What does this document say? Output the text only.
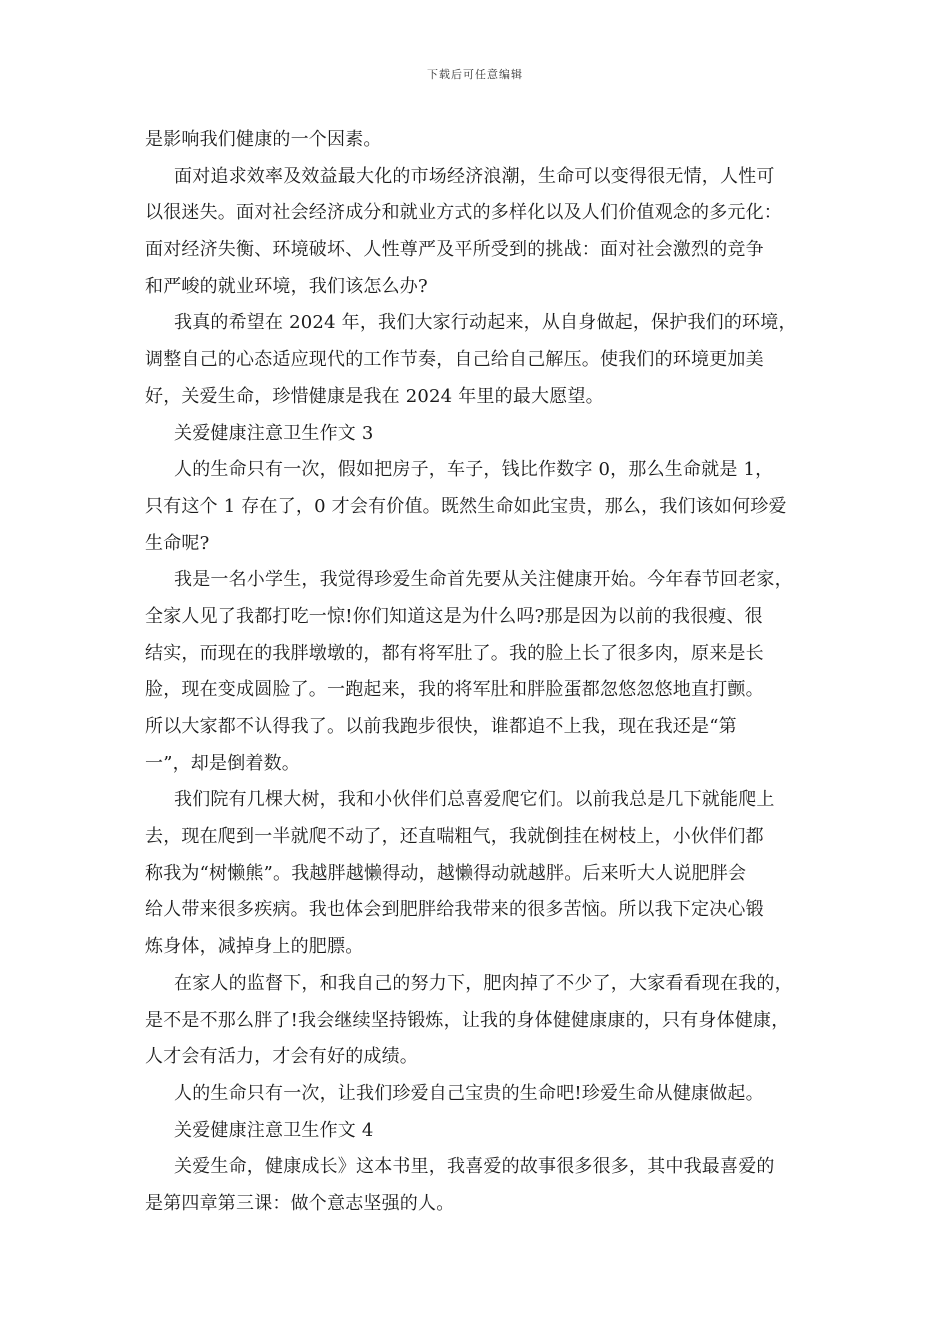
下载后可任意编辑
是影响我们健康的一个因素。
面对追求效率及效益最大化的市场经济浪潮，生命可以变得很无情，人性可
以很迷失。面对社会经济成分和就业方式的多样化以及人们价值观念的多元化：
面对经济失衡、环境破坏、人性尊严及平所受到的挑战：面对社会激烈的竞争
和严峻的就业环境，我们该怎么办?
我真的希望在 2024 年，我们大家行动起来，从自身做起，保护我们的环境，
调整自己的心态适应现代的工作节奏，自己给自己解压。使我们的环境更加美
好，关爱生命，珍惜健康是我在 2024 年里的最大愿望。
关爱健康注意卫生作文 3
人的生命只有一次，假如把房子，车子，钱比作数字 0，那么生命就是 1，
只有这个 1 存在了，0 才会有价值。既然生命如此宝贵，那么，我们该如何珍爱
生命呢?
我是一名小学生，我觉得珍爱生命首先要从关注健康开始。今年春节回老家，
全家人见了我都打吃一惊!你们知道这是为什么吗?那是因为以前的我很瘦、很
结实，而现在的我胖墩墩的，都有将军肚了。我的脸上长了很多肉，原来是长
脸，现在变成圆脸了。一跑起来，我的将军肚和胖脸蛋都忽悠忽悠地直打颤。
所以大家都不认得我了。以前我跑步很快，谁都追不上我，现在我还是“第
一”，却是倒着数。
我们院有几棵大树，我和小伙伴们总喜爱爬它们。以前我总是几下就能爬上
去，现在爬到一半就爬不动了，还直喘粗气，我就倒挂在树枝上，小伙伴们都
称我为“树懒熊”。我越胖越懒得动，越懒得动就越胖。后来听大人说肥胖会
给人带来很多疾病。我也体会到肥胖给我带来的很多苦恼。所以我下定决心锻
炼身体，减掉身上的肥膘。
在家人的监督下，和我自己的努力下，肥肉掉了不少了，大家看看现在我的，
是不是不那么胖了!我会继续坚持锻炼，让我的身体健健康康的，只有身体健康，
人才会有活力，才会有好的成绩。
人的生命只有一次，让我们珍爱自己宝贵的生命吧!珍爱生命从健康做起。
关爱健康注意卫生作文 4
关爱生命，健康成长》这本书里，我喜爱的故事很多很多，其中我最喜爱的
是第四章第三课：做个意志坚强的人。
